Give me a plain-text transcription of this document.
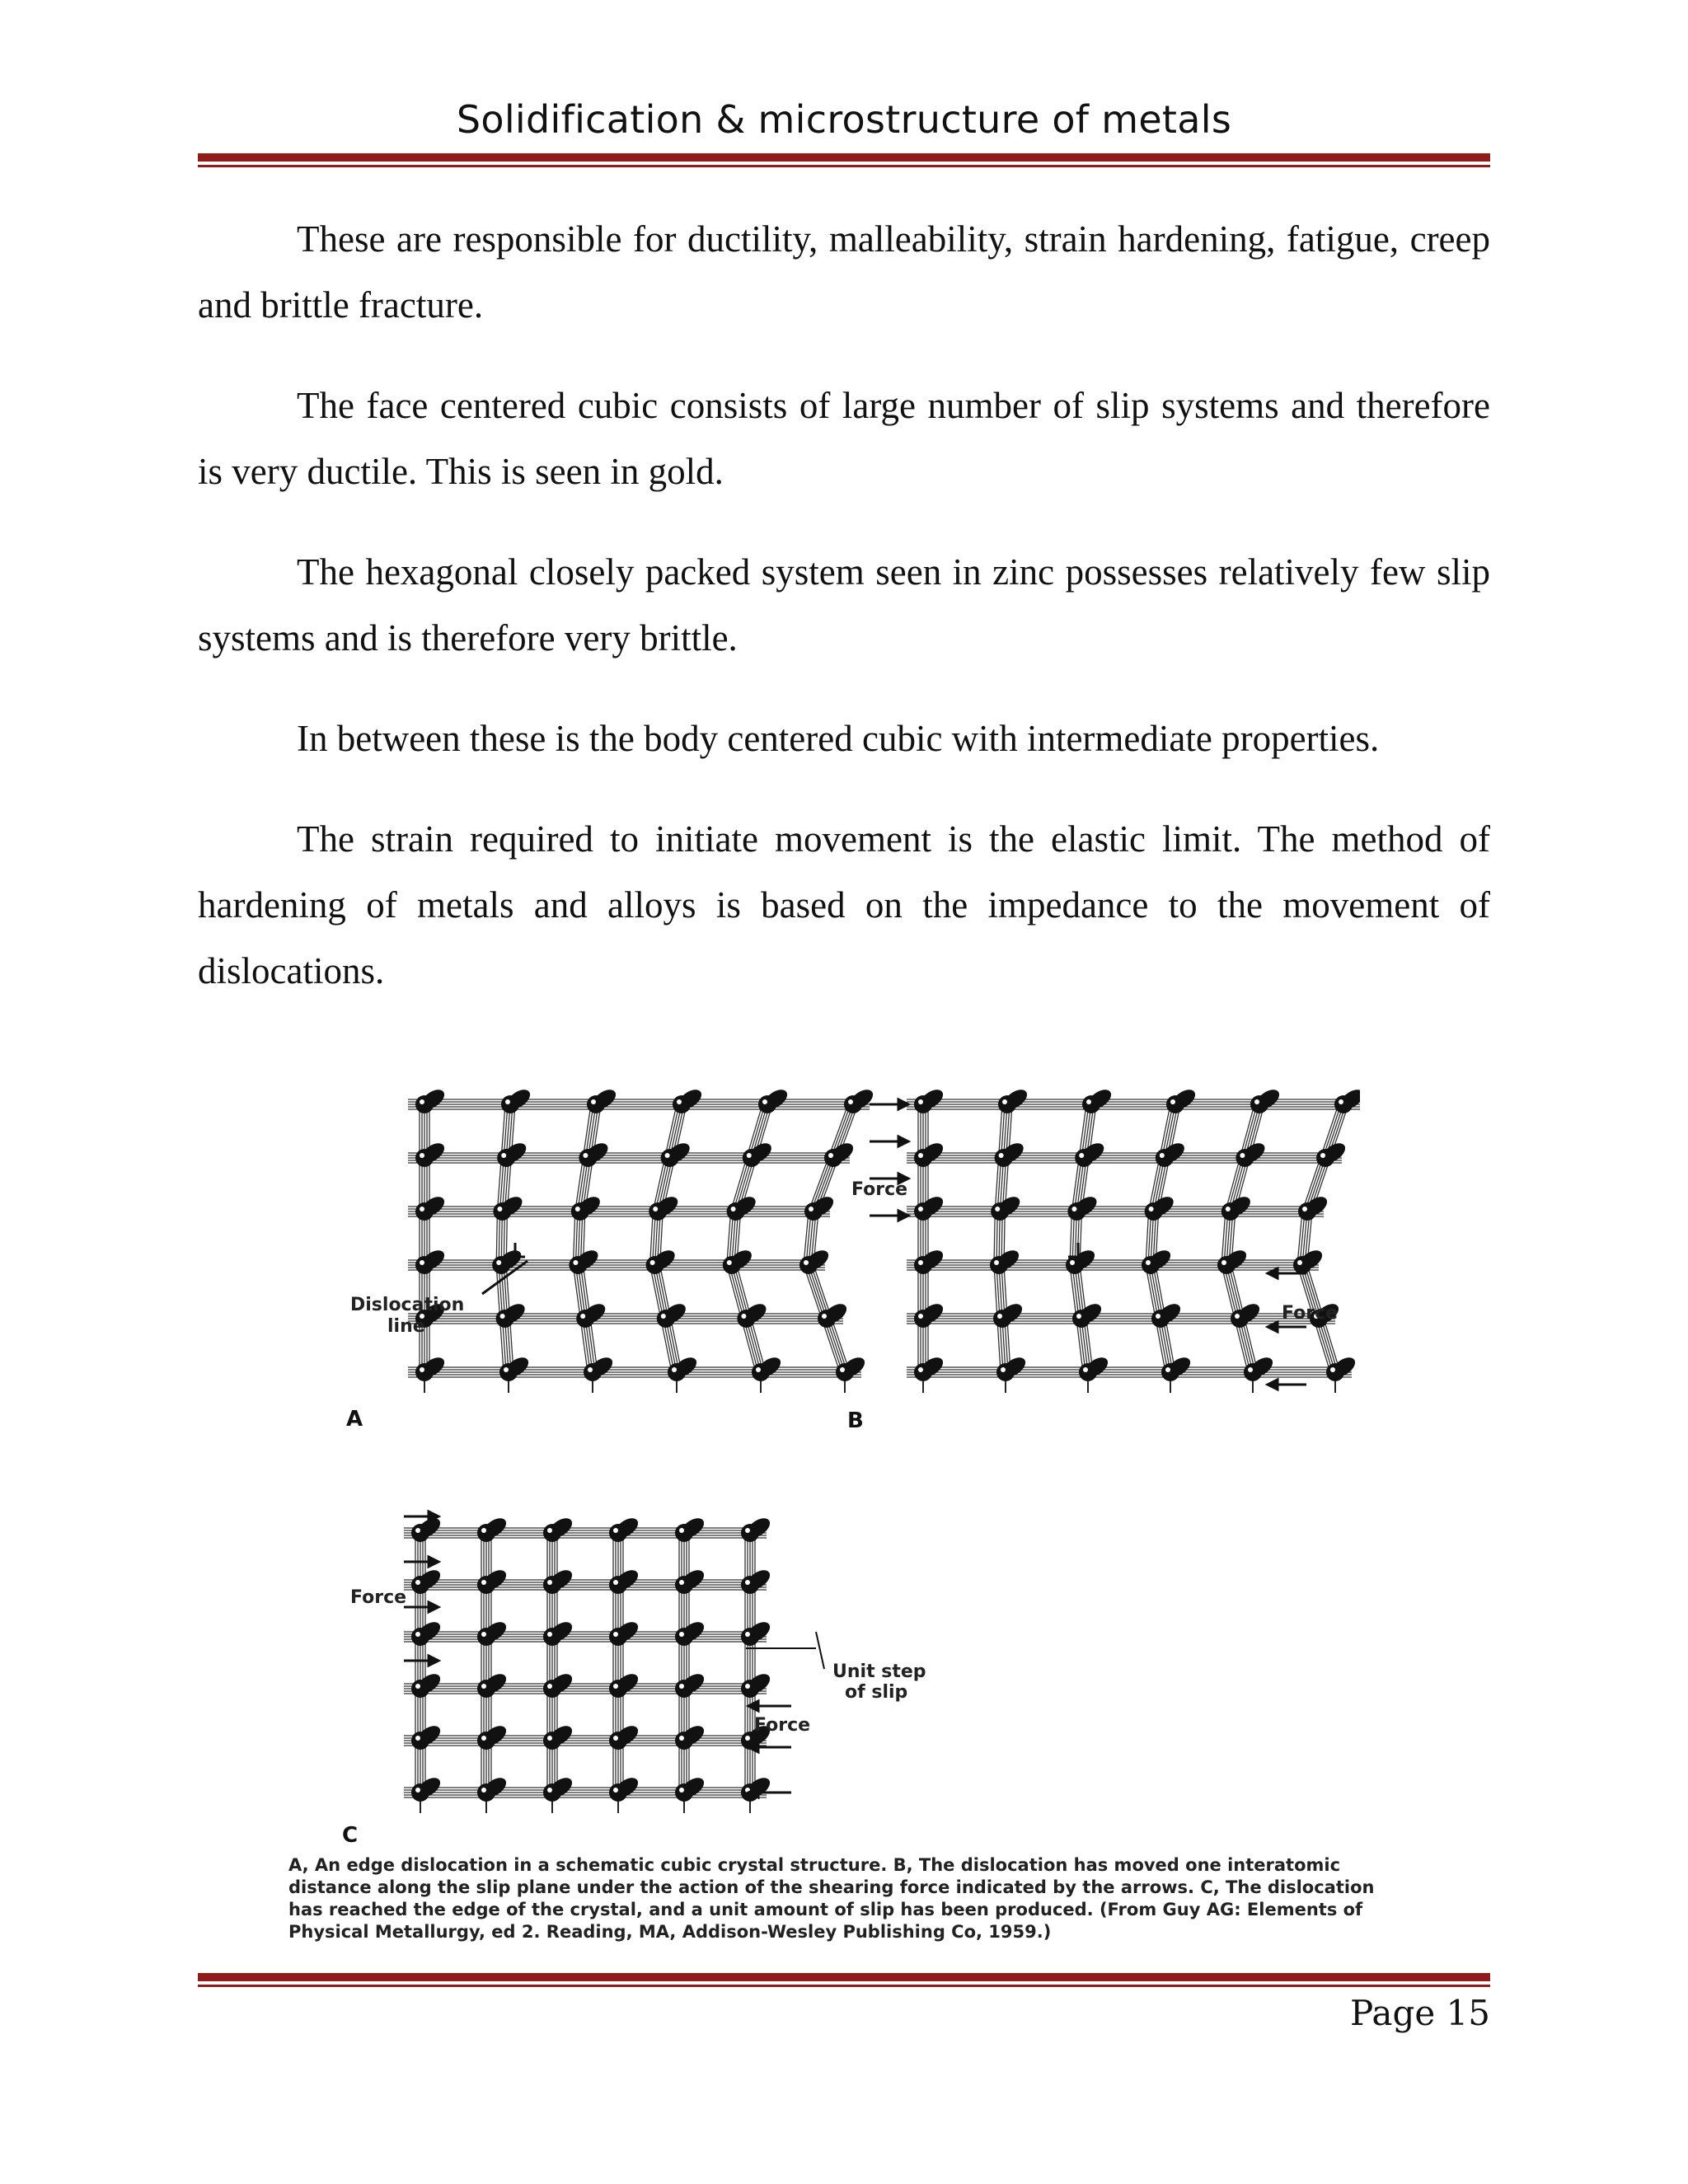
Solidification & microstructure of metals

These are responsible for ductility, malleability, strain hardening, fatigue, creep and brittle fracture.

The face centered cubic consists of large number of slip systems and therefore is very ductile. This is seen in gold.

The hexagonal closely packed system seen in zinc possesses relatively few slip systems and is therefore very brittle.

In between these is the body centered cubic with intermediate properties.

The strain required to initiate movement is the elastic limit. The method of hardening of metals and alloys is based on the impedance to the movement of dislocations.

Dislocation
line
Force
Force
Force
Unit step
of slip
Force
A	B
C
A, An edge dislocation in a schematic cubic crystal structure. B, The dislocation has moved one interatomic distance along the slip plane under the action of the shearing force indicated by the arrows. C, The dislocation has reached the edge of the crystal, and a unit amount of slip has been produced. (From Guy AG: Elements of Physical Metallurgy, ed 2. Reading, MA, Addison-Wesley Publishing Co, 1959.)
Page 15
